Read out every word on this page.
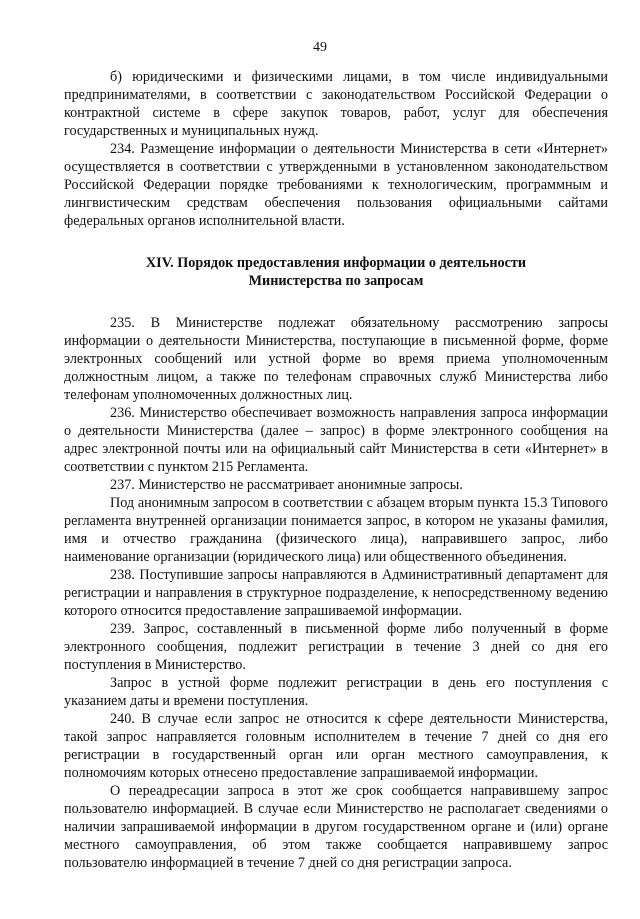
49

б) юридическими и физическими лицами, в том числе индивидуальными предпринимателями, в соответствии с законодательством Российской Федерации о контрактной системе в сфере закупок товаров, работ, услуг для обеспечения государственных и муниципальных нужд.

234. Размещение информации о деятельности Министерства в сети «Интернет» осуществляется в соответствии с утвержденными в установленном законодательством Российской Федерации порядке требованиями к технологическим, программным и лингвистическим средствам обеспечения пользования официальными сайтами федеральных органов исполнительной власти.

XIV. Порядок предоставления информации о деятельности
Министерства по запросам

235. В Министерстве подлежат обязательному рассмотрению запросы информации о деятельности Министерства, поступающие в письменной форме, форме электронных сообщений или устной форме во время приема уполномоченным должностным лицом, а также по телефонам справочных служб Министерства либо телефонам уполномоченных должностных лиц.

236. Министерство обеспечивает возможность направления запроса информации о деятельности Министерства (далее – запрос) в форме электронного сообщения на адрес электронной почты или на официальный сайт Министерства в сети «Интернет» в соответствии с пунктом 215 Регламента.

237. Министерство не рассматривает анонимные запросы.

Под анонимным запросом в соответствии с абзацем вторым пункта 15.3 Типового регламента внутренней организации понимается запрос, в котором не указаны фамилия, имя и отчество гражданина (физического лица), направившего запрос, либо наименование организации (юридического лица) или общественного объединения.

238. Поступившие запросы направляются в Административный департамент для регистрации и направления в структурное подразделение, к непосредственному ведению которого относится предоставление запрашиваемой информации.

239. Запрос, составленный в письменной форме либо полученный в форме электронного сообщения, подлежит регистрации в течение 3 дней со дня его поступления в Министерство.

Запрос в устной форме подлежит регистрации в день его поступления с указанием даты и времени поступления.

240. В случае если запрос не относится к сфере деятельности Министерства, такой запрос направляется головным исполнителем в течение 7 дней со дня его регистрации в государственный орган или орган местного самоуправления, к полномочиям которых отнесено предоставление запрашиваемой информации.

О переадресации запроса в этот же срок сообщается направившему запрос пользователю информацией. В случае если Министерство не располагает сведениями о наличии запрашиваемой информации в другом государственном органе и (или) органе местного самоуправления, об этом также сообщается направившему запрос пользователю информацией в течение 7 дней со дня регистрации запроса.
